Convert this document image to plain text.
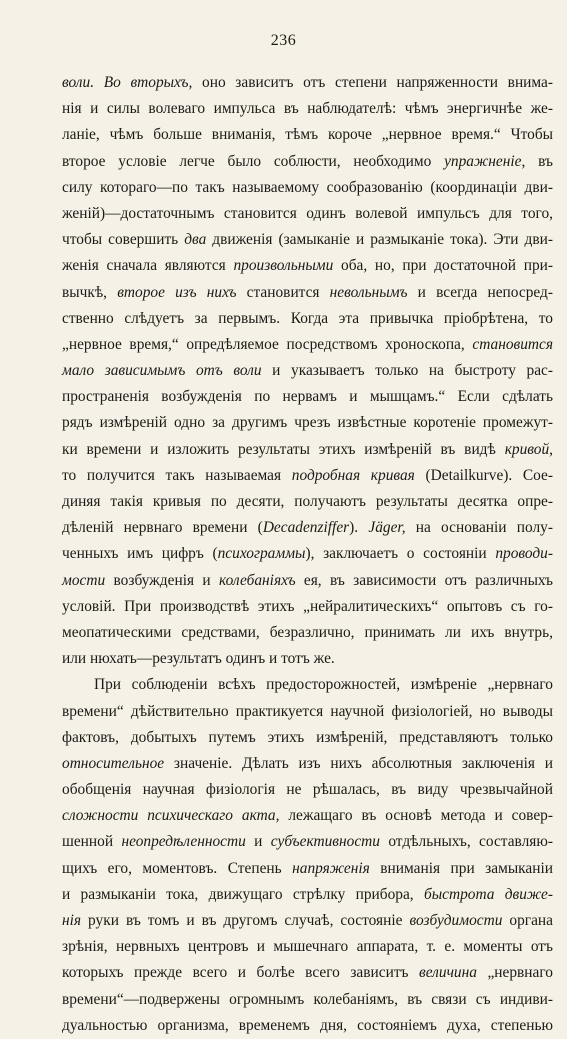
236
воли. Во вторыхъ, оно зависитъ отъ степени напряженности внима-
нія и силы волеваго импульса въ наблюдателѣ: чѣмъ энергичнѣе же-
ланіе, чѣмъ больше вниманія, тѣмъ короче „нервное время.“ Чтобы
второе условіе легче было соблюсти, необходимо упражненіе, въ
силу котораго—по такъ называемому сообразованію (координаціи дви-
женій)—достаточнымъ становится одинъ волевой импульсъ для того,
чтобы совершить два движенія (замыканіе и размыканіе тока). Эти дви-
женія сначала являются произвольными оба, но, при достаточной при-
вычкѣ, второе изъ нихъ становится невольнымъ и всегда непосред-
ственно слѣдуетъ за первымъ. Когда эта привычка пріобрѣтена, то
„нервное время,“ опредѣляемое посредствомъ хроноскопа, становится
мало зависимымъ отъ воли и указываетъ только на быстроту рас-
пространенія возбужденія по нервамъ и мышцамъ.“ Если сдѣлать
рядъ измѣреній одно за другимъ чрезъ извѣстные коротеніе промежут-
ки времени и изложить результаты этихъ измѣреній въ видѣ кривой,
то получится такъ называемая подробная кривая (Detailkurve). Сое-
диняя такія кривыя по десяти, получаютъ результаты десятка опре-
дѣленій нервнаго времени (Decadenziffer). Jäger, на основаніи полу-
ченныхъ имъ цифръ (психограммы), заключаетъ о состояніи проводи-
мости возбужденія и колебаніяхъ ея, въ зависимости отъ различныхъ
условій. При производствѣ этихъ „нейралитическихъ“ опытовъ съ го-
меопатическими средствами, безразлично, принимать ли ихъ внутрь,
или нюхать—результатъ одинъ и тотъ же.
При соблюденіи всѣхъ предосторожностей, измѣреніе „нервнаго
времени“ дѣйствительно практикуется научной физіологіей, но выводы
фактовъ, добытыхъ путемъ этихъ измѣреній, представляютъ только
относительное значеніе. Дѣлать изъ нихъ абсолютныя заключенія и
обобщенія научная физіологія не рѣшалась, въ виду чрезвычайной
сложности психическаго акта, лежащаго въ основѣ метода и совер-
шенной неопредѣленности и субъективности отдѣльныхъ, составляю-
щихъ его, моментовъ. Степень напряженія вниманія при замыканіи
и размыканіи тока, движущаго стрѣлку прибора, быстрота движе-
нія руки въ томъ и въ другомъ случаѣ, состояніе возбудимости органа
зрѣнія, нервныхъ центровъ и мышечнаго аппарата, т. е. моменты отъ
которыхъ прежде всего и болѣе всего зависитъ величина „нервнаго
времени“—подвержены огромнымъ колебаніямъ, въ связи съ индиви-
дуальностью организма, временемъ дня, состояніемъ духа, степенью
